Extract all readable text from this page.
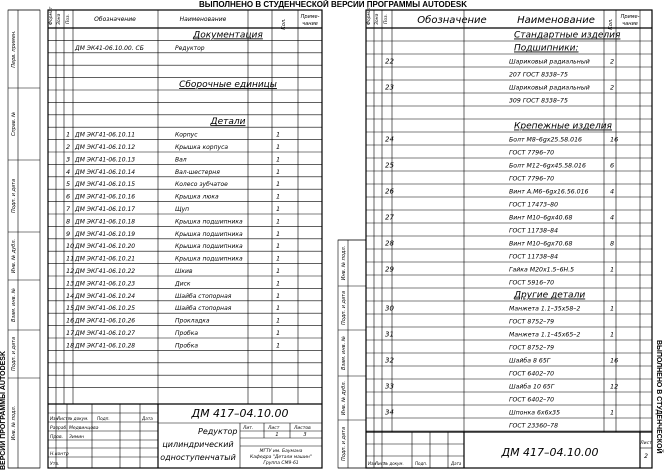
ВЫПОЛНЕНО В СТУДЕНЧЕСКОЙ ВЕРСИИ ПРОГРАММЫ AUTODESK
ВЕРСИИ ПРОГРАММЫ AUTODESK	ВЫПОЛНЕНО В СТУДЕНЧЕСКОЙ
Перв. примен.
Справ. №
Подп. и дата
Инв. № дубл.
Взам. инв. №
Подп. и дата
Инв. № подл.
Формат Зона Поз.	Обозначение	Наименование	Кол.
Приме-
чание
Документация
ДМ ЭК41-06.10.00. СБ	Редуктор
Сборочные единицы
Детали
1 ДМ ЭКГ41-06.10.11	Корпус	1
2 ДМ ЭКГ41-06.10.12	Крышка корпуса	1
3 ДМ ЭКГ41-06.10.13	Вал	1
4 ДМ ЭКГ41-06.10.14	Вал-шестерня	1
5 ДМ ЭКГ41-06.10.15	Колесо зубчатое	1
6 ДМ ЭКГ41-06.10.16	Крышка люка	1
7 ДМ ЭКГ41-06.10.17	Щуп	1
8 ДМ ЭКГ41-06.10.18	Крышка подшипника	1
9 ДМ ЭКГ41-06.10.19	Крышка подшипника	1
10 ДМ ЭКГ41-06.10.20	Крышка подшипника	1
11 ДМ ЭКГ41-06.10.21	Крышка подшипника	1
12 ДМ ЭКГ41-06.10.22	Шкив	1
13 ДМ ЭКГ41-06.10.23	Диск	1
14 ДМ ЭКГ41-06.10.24	Шайба стопорная	1
15 ДМ ЭКГ41-06.10.25	Шайба стопорная	1
16 ДМ ЭКГ41-06.10.26	Прокладка	1
17 ДМ ЭКГ41-06.10.27	Пробка	1
18 ДМ ЭКГ41-06.10.28	Пробка	1
Изм
Лист № докум. Подп.	Дата
Разраб. Медвинцова
Пров. Зимин
Н.контр
Утв.
ДМ 417–04.10.00
Редуктор
цилиндрический
одноступенчатый
Лит.	Лист	Листов
1	3
МГТУ им. Баумана
Кафедра "Детали машин"
Группа СМ9-61
Инв. № подл.
Подп. и дата
Взам. инв. №
Инв. № дубл.
Подп. и дата
Формат Зона Поз.	Обозначение	Наименование	Кол.
Приме-
чание
Стандартные изделия
Подшипники:
22	Шариковый радиальный	2
207 ГОСТ 8338–75
23	Шариковый радиальный	2
309 ГОСТ 8338–75
Крепежные изделия
24	Болт М8–6gx25.58.016	16
ГОСТ 7796–70
25	Болт М12–6gx45.58.016	6
ГОСТ 7796–70
26	Винт А.М6–6gx16.56.016	4
ГОСТ 17473–80
27	Винт М10–6gx40.68	4
ГОСТ 11738–84
28	Винт М10–6gx70.68	8
ГОСТ 11738–84
29	Гайка М20х1.5–6Н.5	1
ГОСТ 5916–70
Другие детали
30	Манжета 1.1–35х58–2	1
ГОСТ 8752–79
31	Манжета 1.1–45х65–2	1
ГОСТ 8752–79
32	Шайба 8 65Г	16
ГОСТ 6402–70
33	Шайба 10 65Г	12
ГОСТ 6402–70
34	Шпонка 6х6х35	1
ГОСТ 23360–78
Изм
Лист
№ докум.	Подп.	Дата
ДМ 417–04.10.00
Лист
2
